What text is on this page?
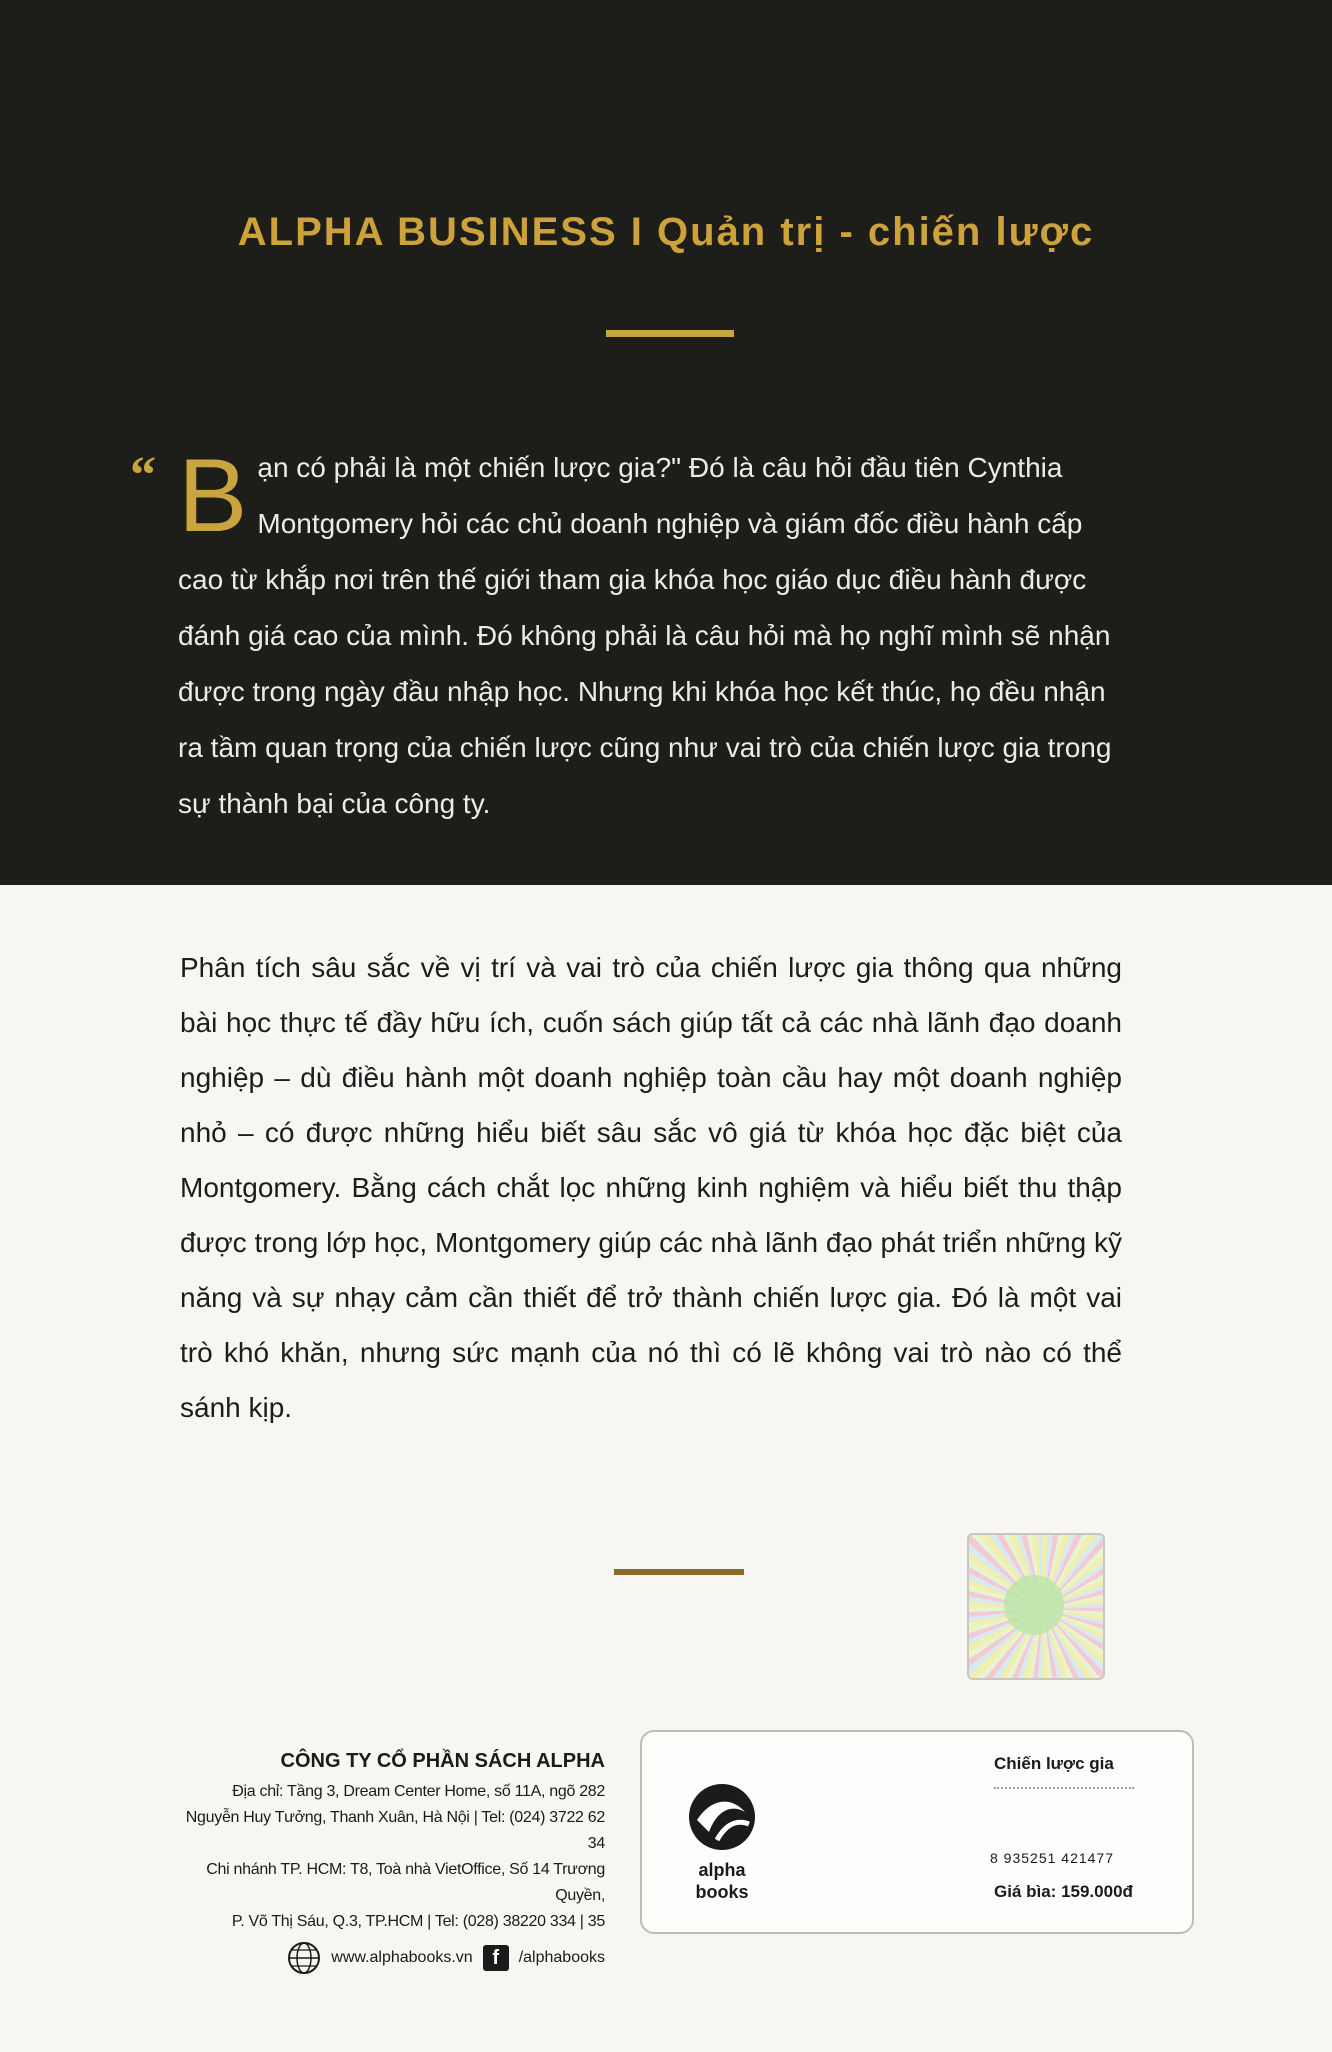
ALPHA BUSINESS I Quản trị - chiến lược
“ B ạn có phải là một chiến lược gia?" Đó là câu hỏi đầu tiên Cynthia Montgomery hỏi các chủ doanh nghiệp và giám đốc điều hành cấp cao từ khắp nơi trên thế giới tham gia khóa học giáo dục điều hành được đánh giá cao của mình. Đó không phải là câu hỏi mà họ nghĩ mình sẽ nhận được trong ngày đầu nhập học. Nhưng khi khóa học kết thúc, họ đều nhận ra tầm quan trọng của chiến lược cũng như vai trò của chiến lược gia trong sự thành bại của công ty.
Phân tích sâu sắc về vị trí và vai trò của chiến lược gia thông qua những bài học thực tế đầy hữu ích, cuốn sách giúp tất cả các nhà lãnh đạo doanh nghiệp – dù điều hành một doanh nghiệp toàn cầu hay một doanh nghiệp nhỏ – có được những hiểu biết sâu sắc vô giá từ khóa học đặc biệt của Montgomery. Bằng cách chắt lọc những kinh nghiệm và hiểu biết thu thập được trong lớp học, Montgomery giúp các nhà lãnh đạo phát triển những kỹ năng và sự nhạy cảm cần thiết để trở thành chiến lược gia. Đó là một vai trò khó khăn, nhưng sức mạnh của nó thì có lẽ không vai trò nào có thể sánh kịp.
CÔNG TY CỔ PHẦN SÁCH ALPHA
Địa chỉ: Tầng 3, Dream Center Home, số 11A, ngõ 282
Nguyễn Huy Tưởng, Thanh Xuân, Hà Nội | Tel: (024) 3722 62 34
Chi nhánh TP. HCM: T8, Toà nhà VietOffice, Số 14 Trương Quyền,
P. Võ Thị Sáu, Q.3, TP.HCM | Tel: (028) 38220 334 | 35
www.alphabooks.vn f	/alphabooks
alpha
books
Chiến lược gia
8 935251 421477
Giá bìa: 159.000đ
